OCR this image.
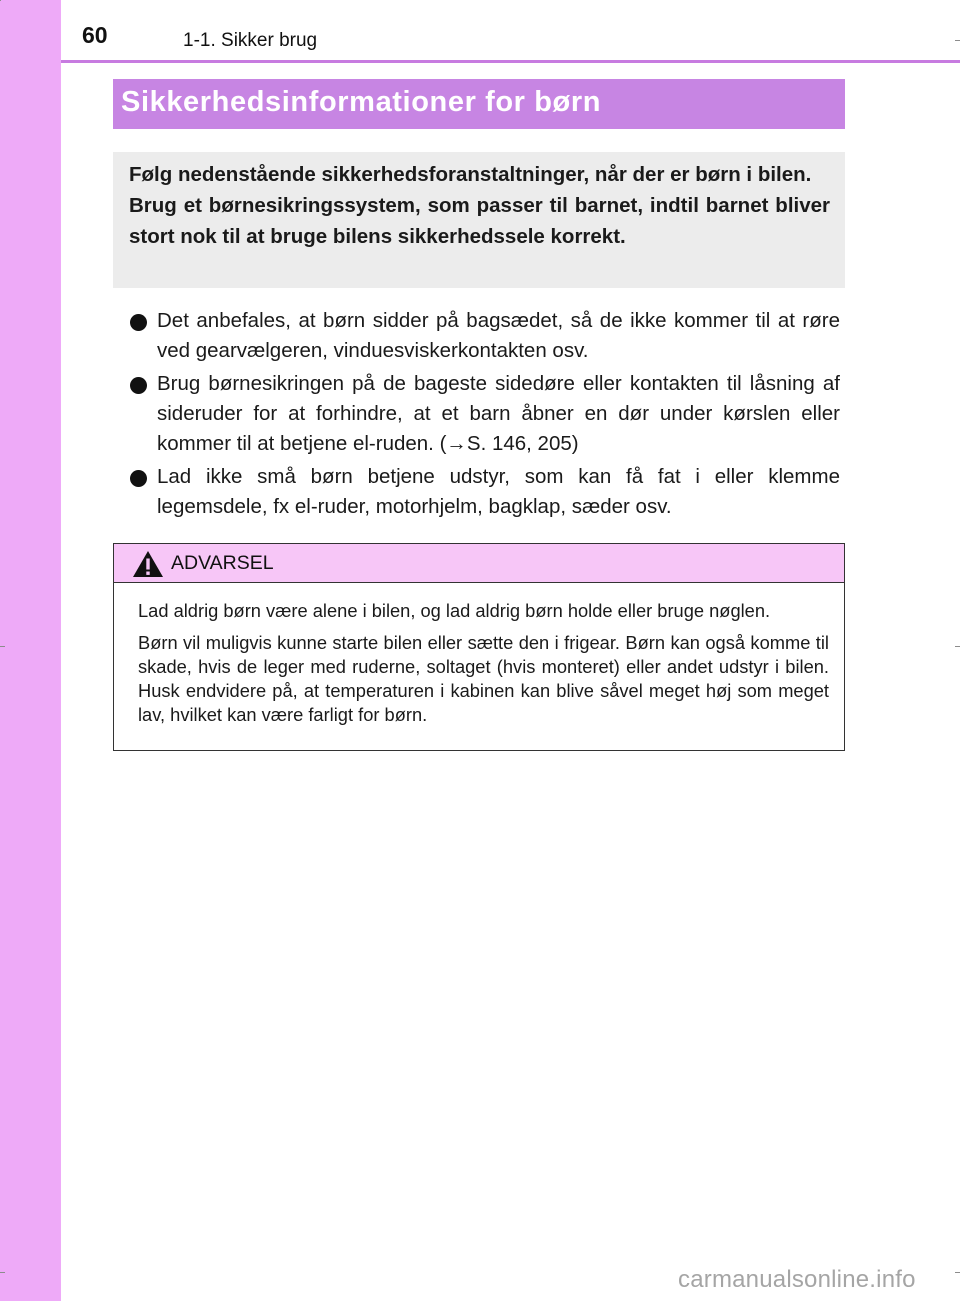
60	1-1. Sikker brug
Sikkerhedsinformationer for børn

Følg nedenstående sikkerhedsforanstaltninger, når der er børn i bilen.

Brug et børnesikringssystem, som passer til barnet, indtil barnet bliver stort nok til at bruge bilens sikkerhedssele korrekt.

Det anbefales, at børn sidder på bagsædet, så de ikke kommer til at røre ved gearvælgeren, vinduesviskerkontakten osv.
Brug børnesikringen på de bageste sidedøre eller kontakten til låsning af sideruder for at forhindre, at et barn åbner en dør under kørslen eller kommer til at betjene el-ruden. (→S. 146, 205)
Lad ikke små børn betjene udstyr, som kan få fat i eller klemme legemsdele, fx el-ruder, motorhjelm, bagklap, sæder osv.
ADVARSEL

Lad aldrig børn være alene i bilen, og lad aldrig børn holde eller bruge nøglen.

Børn vil muligvis kunne starte bilen eller sætte den i frigear. Børn kan også komme til skade, hvis de leger med ruderne, soltaget (hvis monteret) eller andet udstyr i bilen. Husk endvidere på, at temperaturen i kabinen kan blive såvel meget høj som meget lav, hvilket kan være farligt for børn.

carmanualsonline.info
